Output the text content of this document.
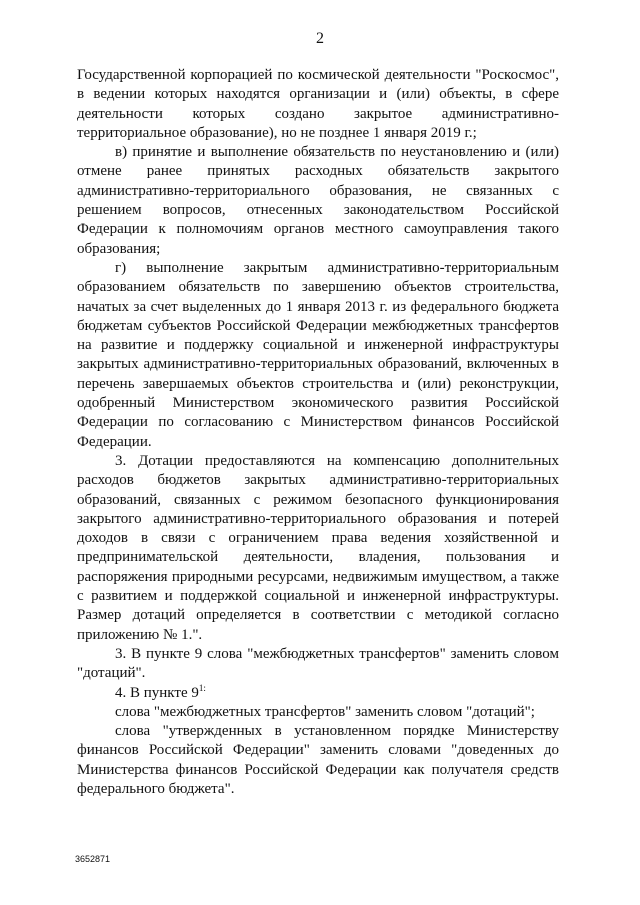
2

Государственной корпорацией по космической деятельности "Роскосмос", в ведении которых находятся организации и (или) объекты, в сфере деятельности которых создано закрытое административно-территориальное образование), но не позднее 1 января 2019 г.;

в) принятие и выполнение обязательств по неустановлению и (или) отмене ранее принятых расходных обязательств закрытого административно-территориального образования, не связанных с решением вопросов, отнесенных законодательством Российской Федерации к полномочиям органов местного самоуправления такого образования;

г) выполнение закрытым административно-территориальным образованием обязательств по завершению объектов строительства, начатых за счет выделенных до 1 января 2013 г. из федерального бюджета бюджетам субъектов Российской Федерации межбюджетных трансфертов на развитие и поддержку социальной и инженерной инфраструктуры закрытых административно-территориальных образований, включенных в перечень завершаемых объектов строительства и (или) реконструкции, одобренный Министерством экономического развития Российской Федерации по согласованию с Министерством финансов Российской Федерации.

3. Дотации предоставляются на компенсацию дополнительных расходов бюджетов закрытых административно-территориальных образований, связанных с режимом безопасного функционирования закрытого административно-территориального образования и потерей доходов в связи с ограничением права ведения хозяйственной и предпринимательской деятельности, владения, пользования и распоряжения природными ресурсами, недвижимым имуществом, а также с развитием и поддержкой социальной и инженерной инфраструктуры. Размер дотаций определяется в соответствии с методикой согласно приложению № 1.".

3. В пункте 9 слова "межбюджетных трансфертов" заменить словом "дотаций".

4. В пункте $9^{1:}$

слова "межбюджетных трансфертов" заменить словом "дотаций";

слова "утвержденных в установленном порядке Министерству финансов Российской Федерации" заменить словами "доведенных до Министерства финансов Российской Федерации как получателя средств федерального бюджета".

3652871
